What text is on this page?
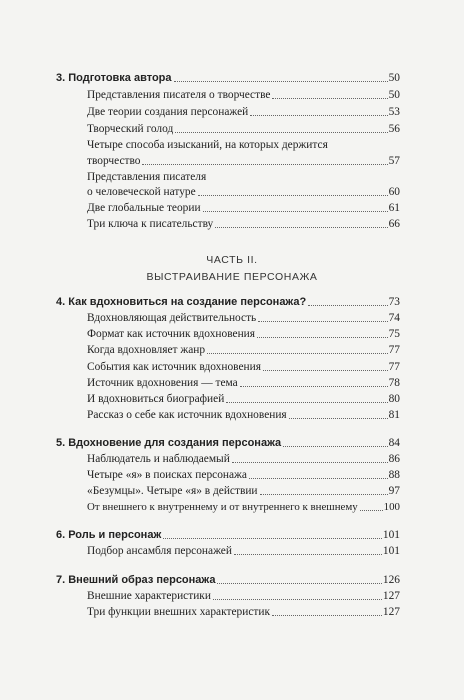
3. Подготовка автора	50
Представления писателя о творчестве	50
Две теории создания персонажей	53
Творческий голод	56
Четыре способа изысканий, на которых держится
творчество	57
Представления писателя
о человеческой натуре	60
Две глобальные теории	61
Три ключа к писательству	66
ЧАСТЬ II.
ВЫСТРАИВАНИЕ ПЕРСОНАЖА
4. Как вдохновиться на создание персонажа?	73
Вдохновляющая действительность	74
Формат как источник вдохновения	75
Когда вдохновляет жанр	77
События как источник вдохновения	77
Источник вдохновения — тема	78
И вдохновиться биографией	80
Рассказ о себе как источник вдохновения	81
5. Вдохновение для создания персонажа	84
Наблюдатель и наблюдаемый	86
Четыре «я» в поисках персонажа	88
«Безумцы». Четыре «я» в действии	97
От внешнего к внутреннему и от внутреннего к внешнему 100
6. Роль и персонаж	101
Подбор ансамбля персонажей	101
7. Внешний образ персонажа	126
Внешние характеристики	127
Три функции внешних характеристик	127
